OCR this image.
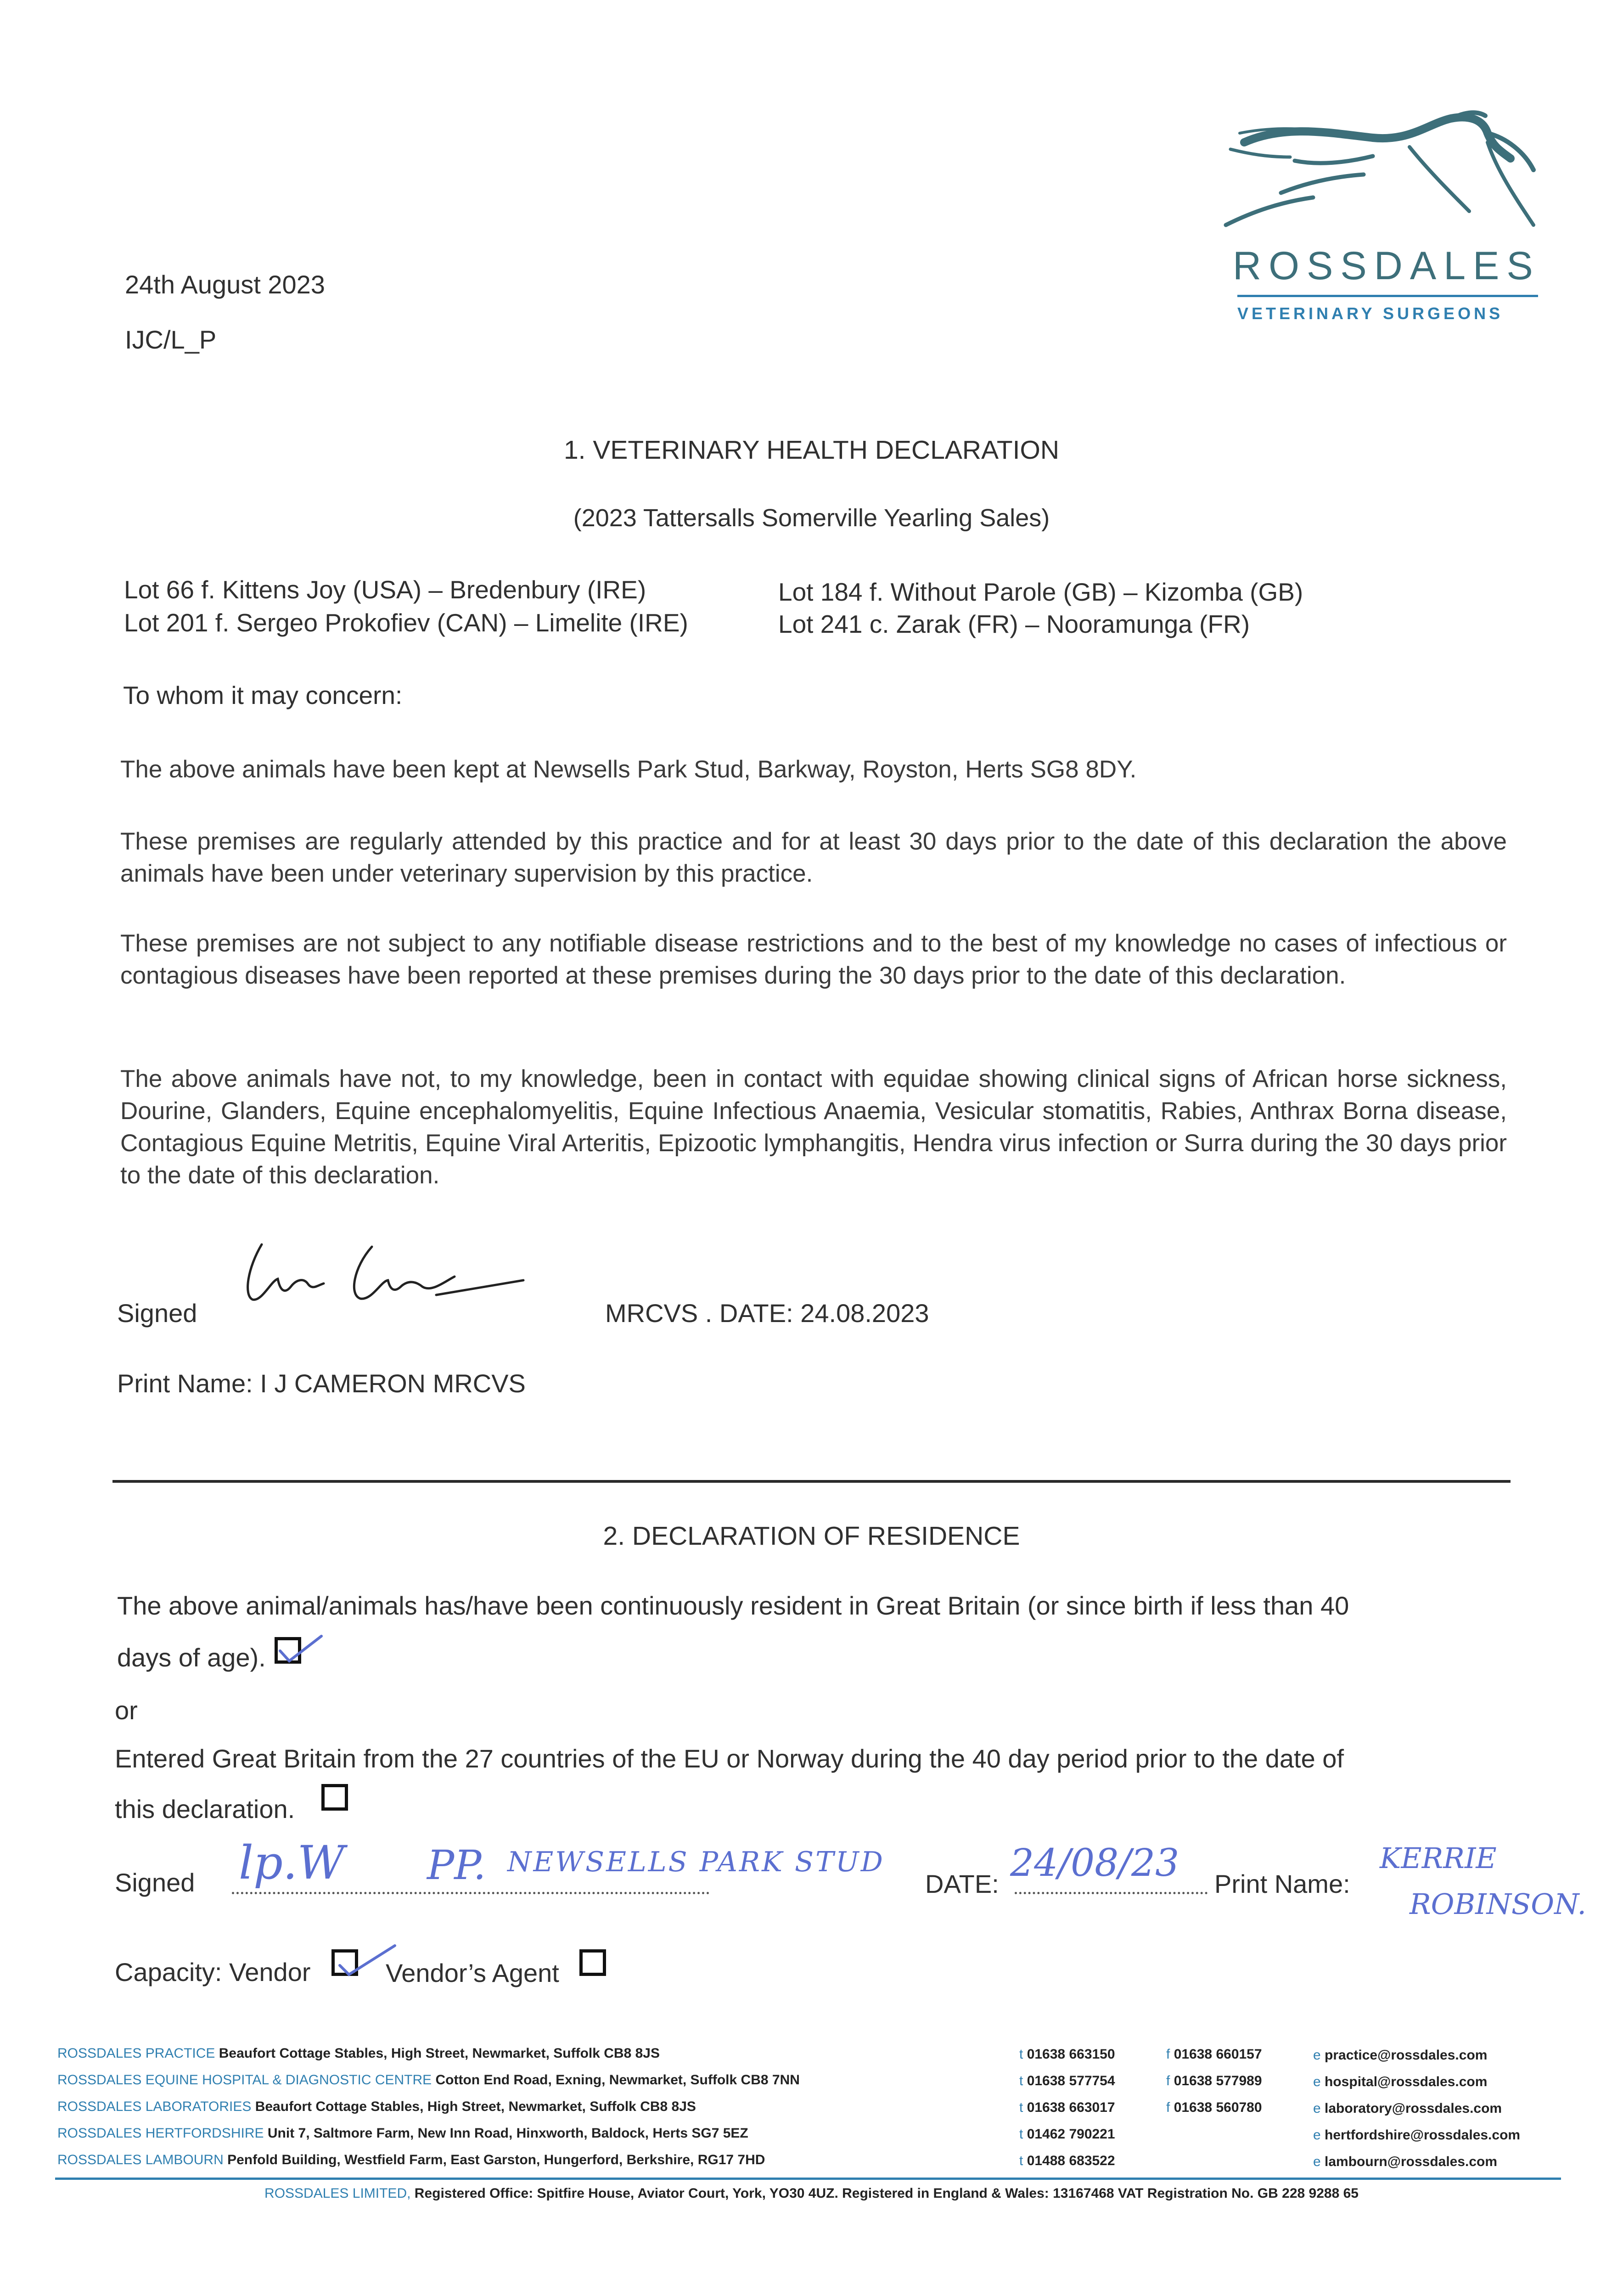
24th August 2023
IJC/L_P
ROSSDALES
VETERINARY SURGEONS
1. VETERINARY HEALTH DECLARATION
(2023 Tattersalls Somerville Yearling Sales)
Lot 66 f. Kittens Joy (USA) – Bredenbury (IRE)
Lot 201 f. Sergeo Prokofiev (CAN) – Limelite (IRE)
Lot 184 f. Without Parole (GB) – Kizomba (GB)
Lot 241 c. Zarak (FR) – Nooramunga (FR)
To whom it may concern:
The above animals have been kept at Newsells Park Stud, Barkway, Royston, Herts SG8 8DY.
These premises are regularly attended by this practice and for at least 30 days prior to the date of this declaration the above animals have been under veterinary supervision by this practice.
These premises are not subject to any notifiable disease restrictions and to the best of my knowledge no cases of infectious or contagious diseases have been reported at these premises during the 30 days prior to the date of this declaration.
The above animals have not, to my knowledge, been in contact with equidae showing clinical signs of African horse sickness, Dourine, Glanders, Equine encephalomyelitis, Equine Infectious Anaemia, Vesicular stomatitis, Rabies, Anthrax Borna disease, Contagious Equine Metritis, Equine Viral Arteritis, Epizootic lymphangitis, Hendra virus infection or Surra during the 30 days prior to the date of this declaration.
Signed	MRCVS . DATE: 24.08.2023
Print Name: I J CAMERON MRCVS
2. DECLARATION OF RESIDENCE
The above animal/animals has/have been continuously resident in Great Britain (or since birth if less than 40
days of age).
or
Entered Great Britain from the 27 countries of the EU or Norway during the 40 day period prior to the date of
this declaration.
Signed lp.W PP. NEWSELLS PARK STUD
DATE: 24/08/23 Print Name:
KERRIE
ROBINSON.
Capacity: Vendor	Vendor’s Agent
ROSSDALES PRACTICE Beaufort Cottage Stables, High Street, Newmarket, Suffolk CB8 8JS
ROSSDALES EQUINE HOSPITAL & DIAGNOSTIC CENTRE Cotton End Road, Exning, Newmarket, Suffolk CB8 7NN
ROSSDALES LABORATORIES Beaufort Cottage Stables, High Street, Newmarket, Suffolk CB8 8JS
ROSSDALES HERTFORDSHIRE Unit 7, Saltmore Farm, New Inn Road, Hinxworth, Baldock, Herts SG7 5EZ
ROSSDALES LAMBOURN Penfold Building, Westfield Farm, East Garston, Hungerford, Berkshire, RG17 7HD
t 01638 663150
t 01638 577754
t 01638 663017
t 01462 790221
t 01488 683522
f 01638 660157
f 01638 577989
f 01638 560780
e practice@rossdales.com
e hospital@rossdales.com
e laboratory@rossdales.com
e hertfordshire@rossdales.com
e lambourn@rossdales.com
ROSSDALES LIMITED, Registered Office: Spitfire House, Aviator Court, York, YO30 4UZ. Registered in England & Wales: 13167468 VAT Registration No. GB 228 9288 65
